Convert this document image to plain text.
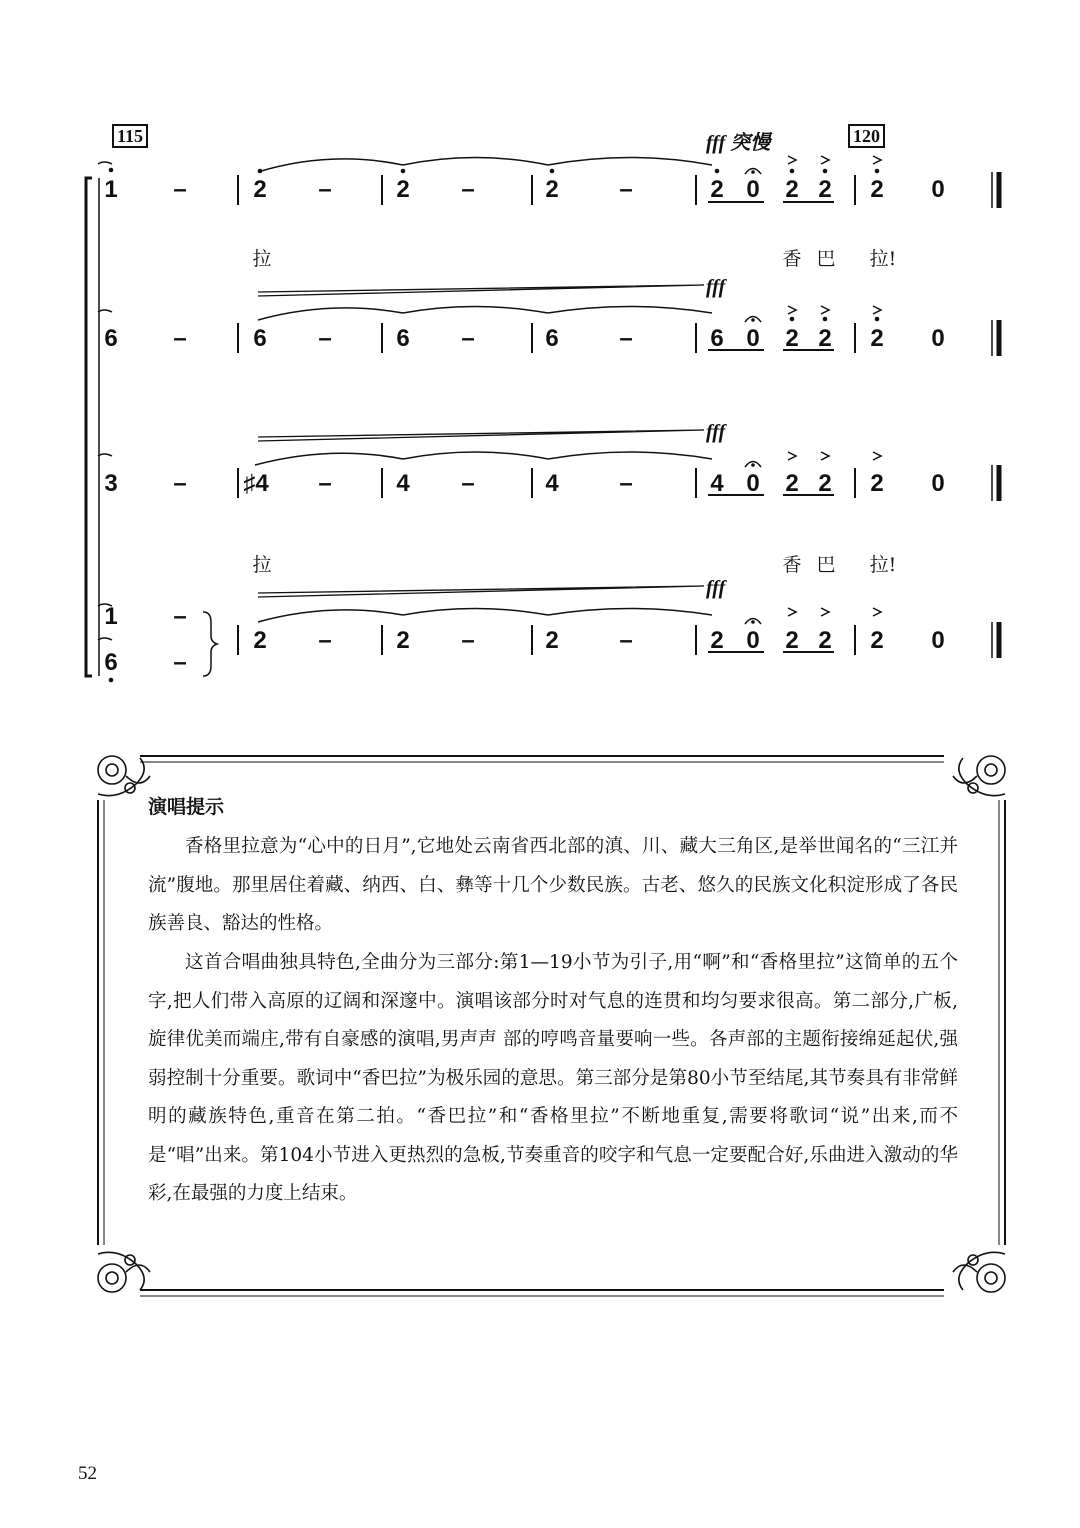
115	120
fff 突慢
fff
fff
fff
1 –	2 –	2 –	2	–	2 0 2 2 2 0
拉	香 巴 拉!
6 –	6 –	6 –	6	–	6 0 2 2 2 0
3 – ♯4 –	4 –	4	–	4 0 2 2 2 0
拉	香 巴 拉!
1 –
6 –
2 –	2 –	2	–	2 0 2 2 2 0
演唱提示

香格里拉意为“心中的日月”,它地处云南省西北部的滇、川、藏大三角区,是举世闻名的“三江并流”腹地。那里居住着藏、纳西、白、彝等十几个少数民族。古老、悠久的民族文化积淀形成了各民族善良、豁达的性格。

这首合唱曲独具特色,全曲分为三部分:第1—19小节为引子,用“啊”和“香格里拉”这简单的五个字,把人们带入高原的辽阔和深邃中。演唱该部分时对气息的连贯和均匀要求很高。第二部分,广板,旋律优美而端庄,带有自豪感的演唱,男声声 部的哼鸣音量要响一些。各声部的主题衔接绵延起伏,强弱控制十分重要。歌词中“香巴拉”为极乐园的意思。第三部分是第80小节至结尾,其节奏具有非常鲜明的藏族特色,重音在第二拍。“香巴拉”和“香格里拉”不断地重复,需要将歌词“说”出来,而不是“唱”出来。第104小节进入更热烈的急板,节奏重音的咬字和气息一定要配合好,乐曲进入激动的华彩,在最强的力度上结束。

52
